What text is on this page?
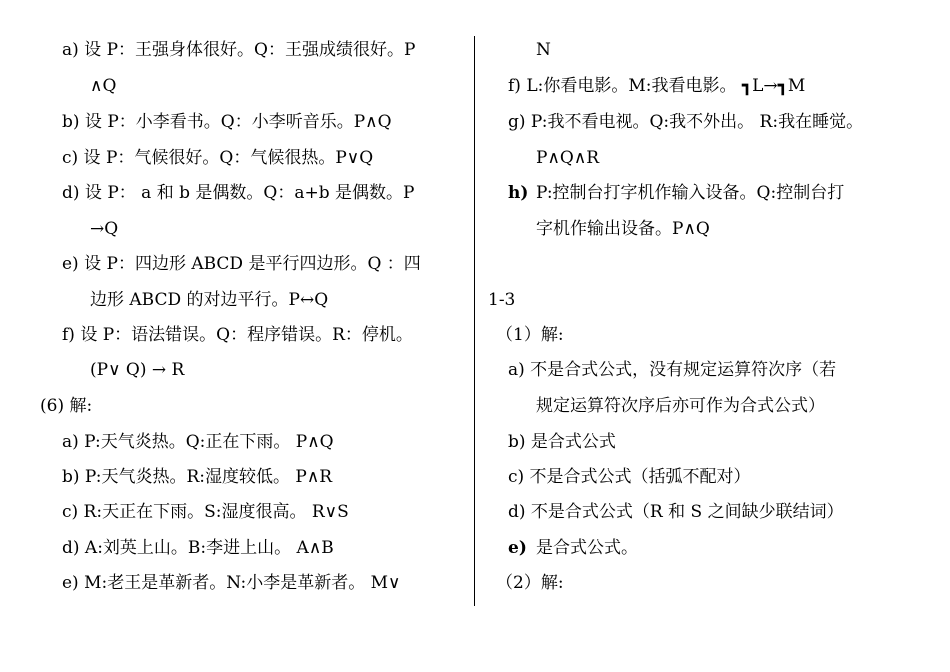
a) 设 P：王强身体很好。Q：王强成绩很好。P
∧Q
b) 设 P：小李看书。Q：小李听音乐。P∧Q
c) 设 P：气候很好。Q：气候很热。P∨Q
d) 设 P： a 和 b 是偶数。Q：a+b 是偶数。P
→Q
e) 设 P：四边形 ABCD 是平行四边形。Q ：四
边形 ABCD 的对边平行。P↔Q
f) 设 P：语法错误。Q：程序错误。R：停机。
(P∨ Q) → R
(6) 解:
a) P:天气炎热。Q:正在下雨。 P∧Q
b) P:天气炎热。R:湿度较低。 P∧R
c) R:天正在下雨。S:湿度很高。 R∨S
d) A:刘英上山。B:李进上山。 A∧B
e) M:老王是革新者。N:小李是革新者。 M∨
N
f) L:你看电影。M:我看电影。 ┓L→┓M
g) P:我不看电视。Q:我不外出。 R:我在睡觉。
P∧Q∧R
h) P:控制台打字机作输入设备。Q:控制台打
字机作输出设备。P∧Q
1-3
（1）解:
a) 不是合式公式，没有规定运算符次序（若
规定运算符次序后亦可作为合式公式）
b) 是合式公式
c) 不是合式公式（括弧不配对）
d) 不是合式公式（R 和 S 之间缺少联结词）
e) 是合式公式。
（2）解:
